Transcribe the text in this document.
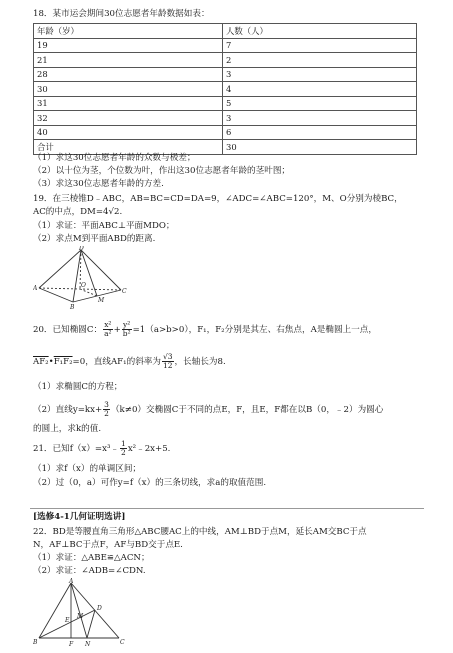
18．某市运会期间30位志愿者年龄数据如表：
年龄（岁）	人数（人）
19	7
21	2
28	3
30	4
31	5
32	3
40	6
合计	30
（1）求这30位志愿者年龄的众数与极差；
（2）以十位为茎，个位数为叶，作出这30位志愿者年龄的茎叶图；
（3）求这30位志愿者年龄的方差.
19．在三棱锥D﹣ABC，AB=BC=CD=DA=9，∠ADC=∠ABC=120°，M、O分别为棱BC，
AC的中点，DM=4√2.
（1）求证：平面ABC⊥平面MDO；
（2）求点M到平面ABD的距离.
D
A
B
C
O
M
20．已知椭圆C： $\frac{\text{x²}}{\text{a²}} + \frac{\text{y²}}{\text{b²}} =1(a>b>0)$，F₁，F₂分别是其左、右焦点，A是椭圆上一点，
AF₂•F₁F₂=0，直线AF₁的斜率为 $\frac{√3}{12}$ ，长轴长为8.
（1）求椭圆C的方程；
（2）直线$y=kx+ \frac{3}{2} (k\ne 0)$交椭圆C于不同的点E，F，且E，F都在以B（0，﹣2）为圆心
的圆上，求k的值.
21．已知f（x）=x³﹣ $\frac{1}{2}$ x²﹣2x+5.
（1）求f（x）的单调区间；
（2）过（0，a）可作y=f（x）的三条切线，求a的取值范围.
[选修4-1几何证明选讲]
22．BD是等腰直角三角形△ABC腰AC上的中线，AM⊥BD于点M，延长AM交BC于点
N，AF⊥BC于点F，AF与BD交于点E.
（1）求证：△ABE≌△ACN；
（2）求证：∠ADB=∠CDN.
A
B	C
D
E
F
M
N
